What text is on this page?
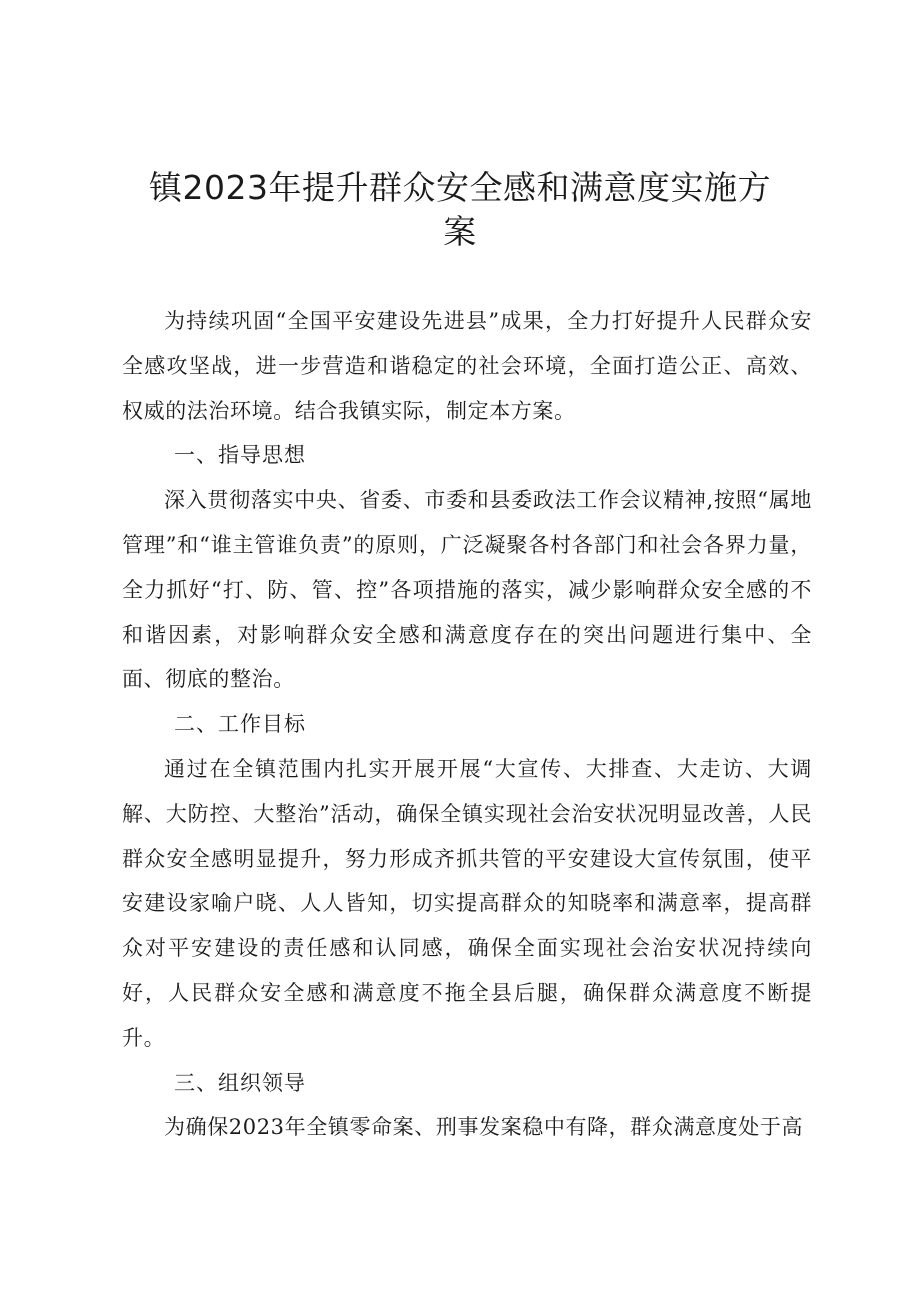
镇2023年提升群众安全感和满意度实施方
案

为持续巩固“全国平安建设先进县”成果，全力打好提升人民群众安全感攻坚战，进一步营造和谐稳定的社会环境，全面打造公正、高效、权威的法治环境。结合我镇实际，制定本方案。

一、指导思想

深入贯彻落实中央、省委、市委和县委政法工作会议精神,按照“属地管理”和“谁主管谁负责”的原则，广泛凝聚各村各部门和社会各界力量，全力抓好“打、防、管、控”各项措施的落实，减少影响群众安全感的不和谐因素，对影响群众安全感和满意度存在的突出问题进行集中、全面、彻底的整治。

二、工作目标

通过在全镇范围内扎实开展开展“大宣传、大排查、大走访、大调解、大防控、大整治”活动，确保全镇实现社会治安状况明显改善，人民群众安全感明显提升，努力形成齐抓共管的平安建设大宣传氛围，使平安建设家喻户晓、人人皆知，切实提高群众的知晓率和满意率，提高群众对平安建设的责任感和认同感，确保全面实现社会治安状况持续向好，人民群众安全感和满意度不拖全县后腿，确保群众满意度不断提升。

三、组织领导

为确保2023年全镇零命案、刑事发案稳中有降，群众满意度处于高
